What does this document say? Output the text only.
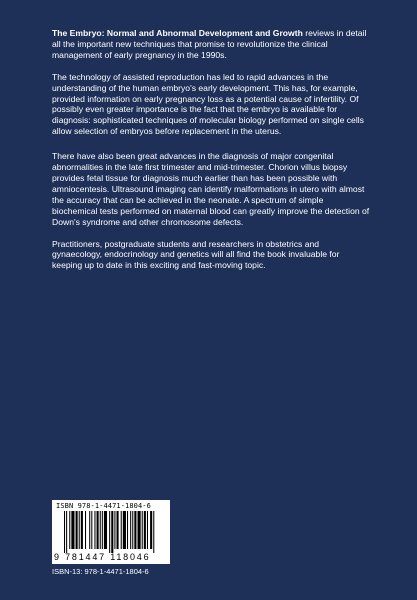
The Embryo: Normal and Abnormal Development and Growth reviews in detail all the important new techniques that promise to revolutionize the clinical management of early pregnancy in the 1990s.

The technology of assisted reproduction has led to rapid advances in the understanding of the human embryo's early development. This has, for example, provided information on early pregnancy loss as a potential cause of infertility. Of possibly even greater importance is the fact that the embryo is available for diagnosis: sophisticated techniques of molecular biology performed on single cells allow selection of embryos before replacement in the uterus.

There have also been great advances in the diagnosis of major congenital abnormalities in the late first trimester and mid-trimester. Chorion villus biopsy provides fetal tissue for diagnosis much earlier than has been possible with amniocentesis. Ultrasound imaging can identify malformations in utero with almost the accuracy that can be achieved in the neonate. A spectrum of simple biochemical tests performed on maternal blood can greatly improve the detection of Down's syndrome and other chromosome defects.

Practitioners, postgraduate students and researchers in obstetrics and gynaecology, endocrinology and genetics will all find the book invaluable for keeping up to date in this exciting and fast-moving topic.

ISBN 978-1-4471-1804-6
9 781447 118046
ISBN-13: 978-1-4471-1804-6
